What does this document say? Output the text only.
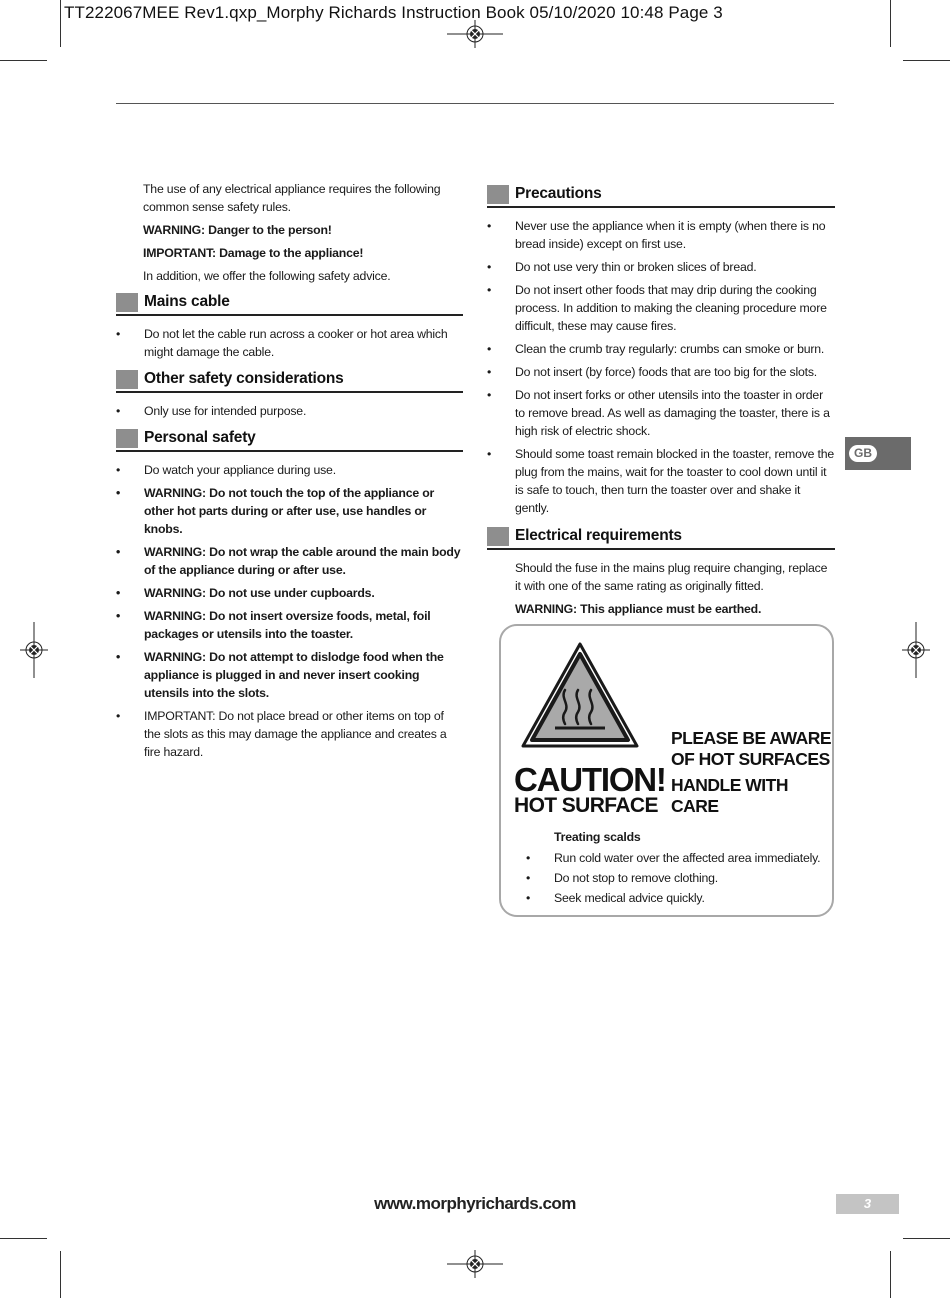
TT222067MEE Rev1.qxp_Morphy Richards Instruction Book 05/10/2020 10:48 Page 3

The use of any electrical appliance requires the following common sense safety rules.

WARNING: Danger to the person!

IMPORTANT: Damage to the appliance!

In addition, we offer the following safety advice.

Mains cable
• Do not let the cable run across a cooker or hot area which might damage the cable.
Other safety considerations
• Only use for intended purpose.
Personal safety
• Do watch your appliance during use.
• WARNING: Do not touch the top of the appliance or other hot parts during or after use, use handles or knobs.
• WARNING: Do not wrap the cable around the main body of the appliance during or after use.
• WARNING: Do not use under cupboards.
• WARNING: Do not insert oversize foods, metal, foil packages or utensils into the toaster.
• WARNING: Do not attempt to dislodge food when the appliance is plugged in and never insert cooking utensils into the slots.
• IMPORTANT: Do not place bread or other items on top of the slots as this may damage the appliance and creates a fire hazard.
Precautions
• Never use the appliance when it is empty (when there is no bread inside) except on first use.
• Do not use very thin or broken slices of bread.
• Do not insert other foods that may drip during the cooking process. In addition to making the cleaning procedure more difficult, these may cause fires.
• Clean the crumb tray regularly: crumbs can smoke or burn.
• Do not insert (by force) foods that are too big for the slots.
• Do not insert forks or other utensils into the toaster in order to remove bread. As well as damaging the toaster, there is a high risk of electric shock.
• Should some toast remain blocked in the toaster, remove the plug from the mains, wait for the toaster to cool down until it is safe to touch, then turn the toaster over and shake it gently.
Electrical requirements

Should the fuse in the mains plug require changing, replace it with one of the same rating as originally fitted.

WARNING: This appliance must be earthed.

GB
CAUTION!
HOT SURFACE
PLEASE BE AWARE OF HOT SURFACES
HANDLE WITH CARE
Treating scalds
• Run cold water over the affected area immediately.
• Do not stop to remove clothing.
• Seek medical advice quickly.
www.morphyrichards.com	3
